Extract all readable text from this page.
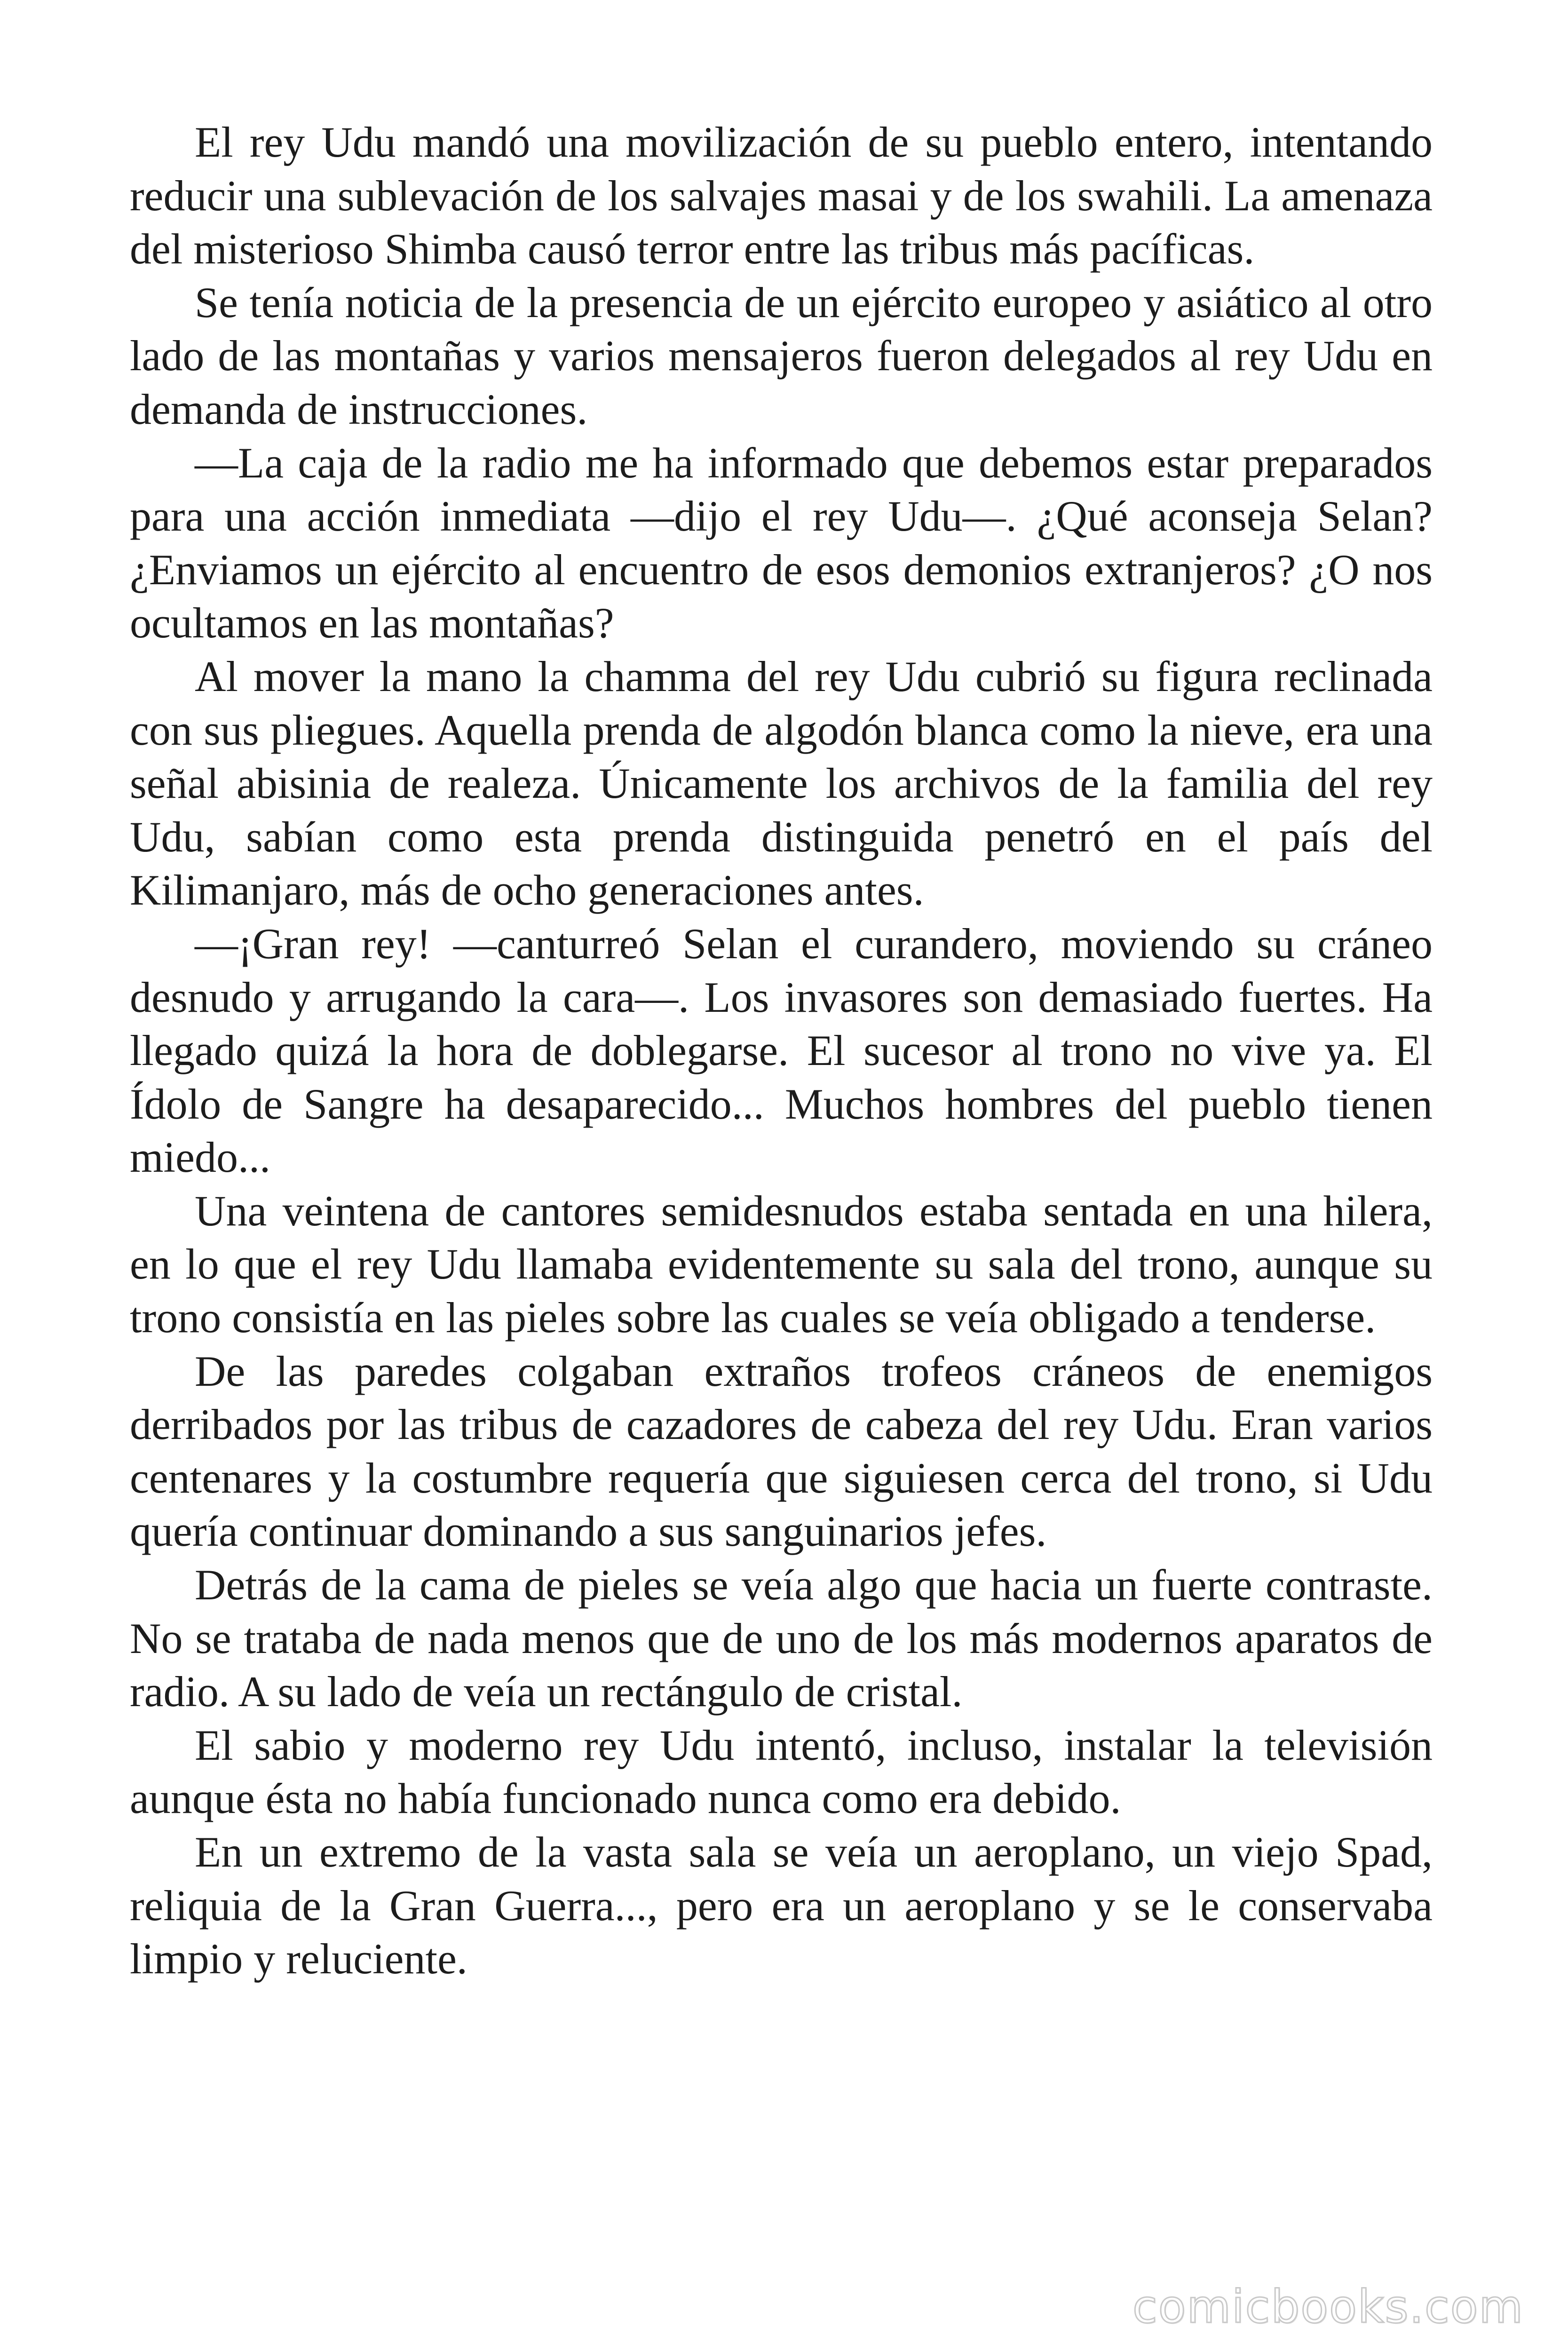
El rey Udu mandó una movilización de su pueblo entero, intentando reducir una sublevación de los salvajes masai y de los swahili. La amenaza del misterioso Shimba causó terror entre las tribus más pacíficas.

Se tenía noticia de la presencia de un ejército europeo y asiático al otro lado de las montañas y varios mensajeros fueron delegados al rey Udu en demanda de instrucciones.

—La caja de la radio me ha informado que debemos estar preparados para una acción inmediata —dijo el rey Udu—. ¿Qué aconseja Selan? ¿Enviamos un ejército al encuentro de esos demonios extranjeros? ¿O nos ocultamos en las montañas?

Al mover la mano la chamma del rey Udu cubrió su figura reclinada con sus pliegues. Aquella prenda de algodón blanca como la nieve, era una señal abisinia de realeza. Únicamente los archivos de la familia del rey Udu, sabían como esta prenda distinguida penetró en el país del Kilimanjaro, más de ocho generaciones antes.

—¡Gran rey! —canturreó Selan el curandero, moviendo su cráneo desnudo y arrugando la cara—. Los invasores son demasiado fuertes. Ha llegado quizá la hora de doblegarse. El sucesor al trono no vive ya. El Ídolo de Sangre ha desaparecido... Muchos hombres del pueblo tienen miedo...

Una veintena de cantores semidesnudos estaba sentada en una hilera, en lo que el rey Udu llamaba evidentemente su sala del trono, aunque su trono consistía en las pieles sobre las cuales se veía obligado a tenderse.

De las paredes colgaban extraños trofeos cráneos de enemigos derribados por las tribus de cazadores de cabeza del rey Udu. Eran varios centenares y la costumbre requería que siguiesen cerca del trono, si Udu quería continuar dominando a sus sanguinarios jefes.

Detrás de la cama de pieles se veía algo que hacia un fuerte contraste. No se trataba de nada menos que de uno de los más modernos aparatos de radio. A su lado de veía un rectángulo de cristal.

El sabio y moderno rey Udu intentó, incluso, instalar la televisión aunque ésta no había funcionado nunca como era debido.

En un extremo de la vasta sala se veía un aeroplano, un viejo Spad, reliquia de la Gran Guerra..., pero era un aeroplano y se le conservaba limpio y reluciente.

comicbooks.com
